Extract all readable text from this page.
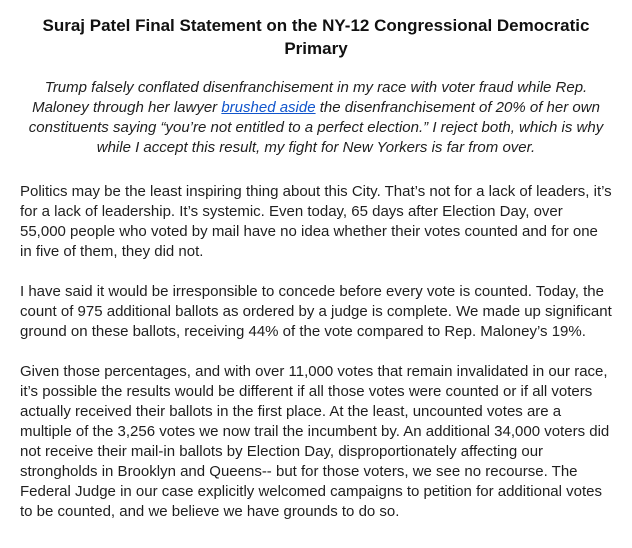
Suraj Patel Final Statement on the NY-12 Congressional Democratic Primary

Trump falsely conflated disenfranchisement in my race with voter fraud while Rep. Maloney through her lawyer brushed aside the disenfranchisement of 20% of her own constituents saying “you’re not entitled to a perfect election.” I reject both, which is why while I accept this result, my fight for New Yorkers is far from over.

Politics may be the least inspiring thing about this City. That’s not for a lack of leaders, it’s for a lack of leadership. It’s systemic. Even today, 65 days after Election Day, over 55,000 people who voted by mail have no idea whether their votes counted and for one in five of them, they did not.

I have said it would be irresponsible to concede before every vote is counted. Today, the count of 975 additional ballots as ordered by a judge is complete. We made up significant ground on these ballots, receiving 44% of the vote compared to Rep. Maloney’s 19%.

Given those percentages, and with over 11,000 votes that remain invalidated in our race, it’s possible the results would be different if all those votes were counted or if all voters actually received their ballots in the first place. At the least, uncounted votes are a multiple of the 3,256 votes we now trail the incumbent by. An additional 34,000 voters did not receive their mail-in ballots by Election Day, disproportionately affecting our strongholds in Brooklyn and Queens-- but for those voters, we see no recourse. The Federal Judge in our case explicitly welcomed campaigns to petition for additional votes to be counted, and we believe we have grounds to do so.
